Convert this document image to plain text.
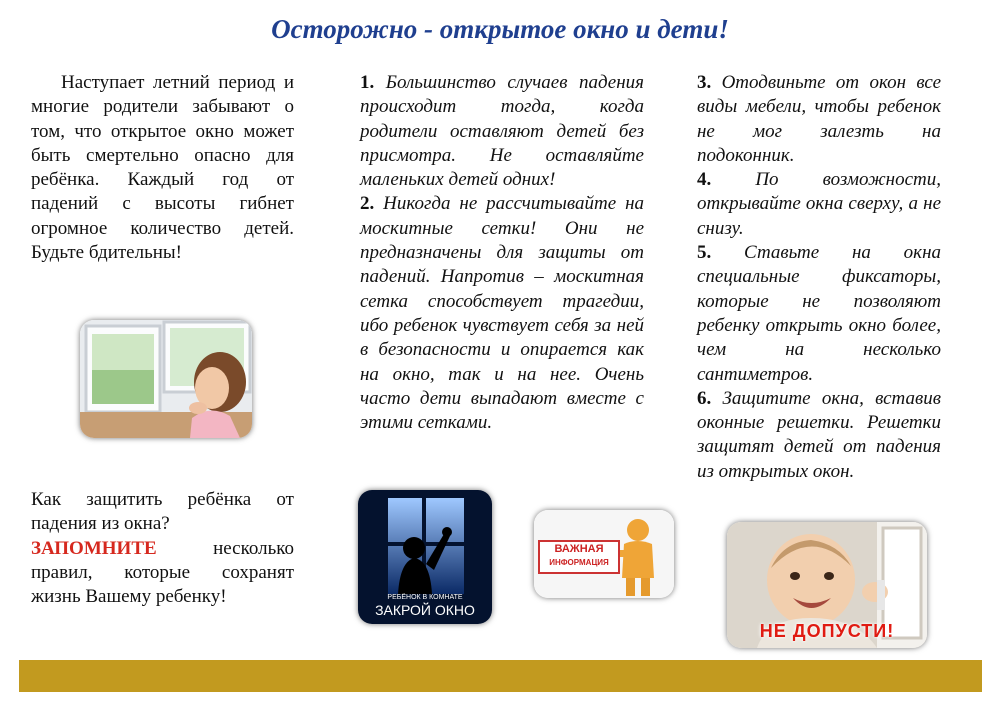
Осторожно - открытое окно и дети!

Наступает летний период и многие родители забывают о том, что открытое окно может быть смертельно опасно для ребёнка. Каждый год от падений с высоты гибнет огромное количество детей. Будьте бдительны!

Как защитить ребёнка от падения из окна?

ЗАПОМНИТЕ несколько правил, которые сохранят жизнь Вашему ребенку!

1. Большинство случаев падения происходит тогда, когда родители оставляют детей без присмотра. Не оставляйте маленьких детей одних!

2. Никогда не рассчитывайте на москитные сетки! Они не предназначены для защиты от падений. Напротив – москитная сетка способствует трагедии, ибо ребенок чувствует себя за ней в безопасности и опирается как на окно, так и на нее. Очень часто дети выпадают вместе с этими сетками.

РЕБЁНОК В КОМНАТЕ
ЗАКРОЙ ОКНО
ВАЖНАЯ
ИНФОРМАЦИЯ

3. Отодвиньте от окон все виды мебели, чтобы ребенок не мог залезть на подоконник.

4. По возможности, открывайте окна сверху, а не снизу.

5. Ставьте на окна специальные фиксаторы, которые не позволяют ребенку открыть окно более, чем на несколько сантиметров.

6. Защитите окна, вставив оконные решетки. Решетки защитят детей от падения из открытых окон.

НЕ ДОПУСТИ!
